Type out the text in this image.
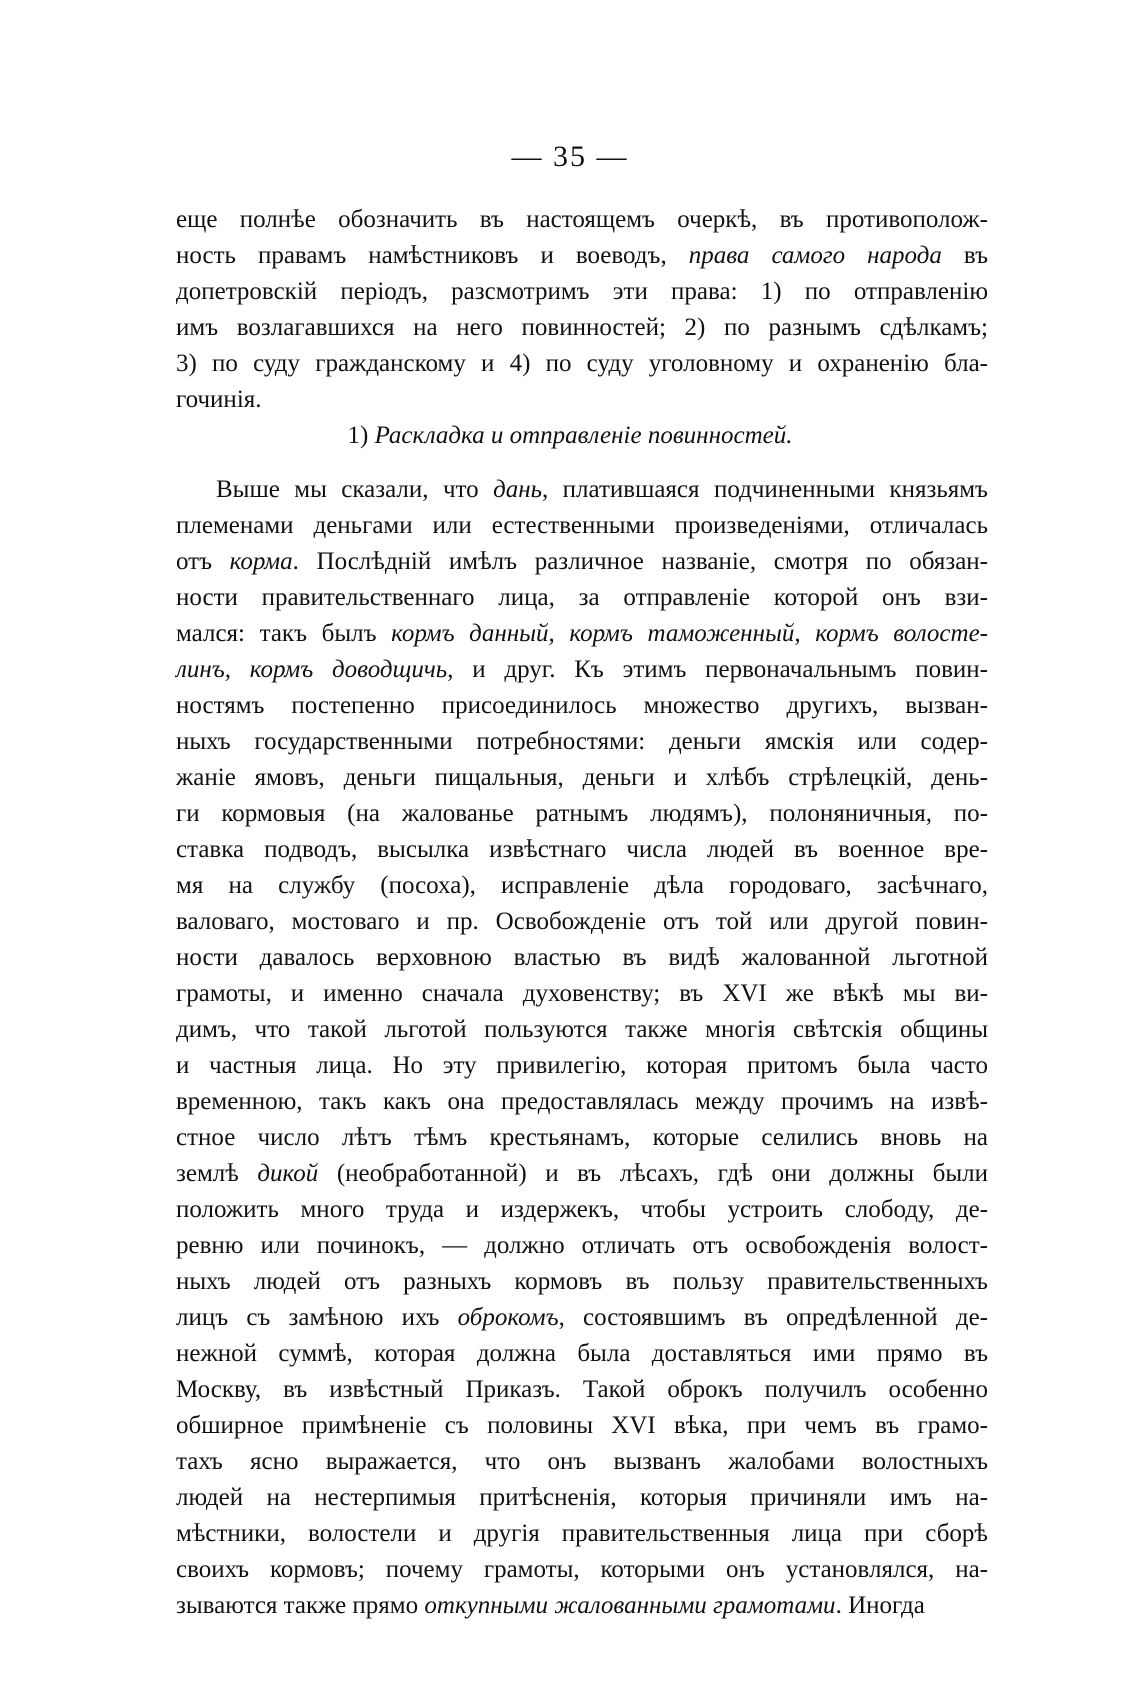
— 35 —
еще полнѣе обозначить въ настоящемъ очеркѣ, въ противополож-
ность правамъ намѣстниковъ и воеводъ, права самого народа въ
допетровскій періодъ, разсмотримъ эти права: 1) по отправленію
имъ возлагавшихся на него повинностей; 2) по разнымъ сдѣлкамъ;
3) по суду гражданскому и 4) по суду уголовному и охраненію бла-
гочинія.
1) Раскладка и отправленіе повинностей.
Выше мы сказали, что дань, платившаяся подчиненными князьямъ
племенами деньгами или естественными произведеніями, отличалась
отъ корма. Послѣдній имѣлъ различное названіе, смотря по обязан-
ности правительственнаго лица, за отправленіе которой онъ взи-
мался: такъ былъ кормъ данный, кормъ таможенный, кормъ волосте-
линъ, кормъ доводщичь, и друг. Къ этимъ первоначальнымъ повин-
ностямъ постепенно присоединилось множество другихъ, вызван-
ныхъ государственными потребностями: деньги ямскія или содер-
жаніе ямовъ, деньги пищальныя, деньги и хлѣбъ стрѣлецкій, день-
ги кормовыя (на жалованье ратнымъ людямъ), полоняничныя, по-
ставка подводъ, высылка извѣстнаго числа людей въ военное вре-
мя на службу (посоха), исправленіе дѣла городоваго, засѣчнаго,
валоваго, мостоваго и пр. Освобожденіе отъ той или другой повин-
ности давалось верховною властью въ видѣ жалованной льготной
грамоты, и именно сначала духовенству; въ XVI же вѣкѣ мы ви-
димъ, что такой льготой пользуются также многія свѣтскія общины
и частныя лица. Но эту привилегію, которая притомъ была часто
временною, такъ какъ она предоставлялась между прочимъ на извѣ-
стное число лѣтъ тѣмъ крестьянамъ, которые селились вновь на
землѣ дикой (необработанной) и въ лѣсахъ, гдѣ они должны были
положить много труда и издержекъ, чтобы устроить слободу, де-
ревню или починокъ, — должно отличать отъ освобожденія волост-
ныхъ людей отъ разныхъ кормовъ въ пользу правительственныхъ
лицъ съ замѣною ихъ оброкомъ, состоявшимъ въ опредѣленной де-
нежной суммѣ, которая должна была доставляться ими прямо въ
Москву, въ извѣстный Приказъ. Такой оброкъ получилъ особенно
обширное примѣненіе съ половины XVI вѣка, при чемъ въ грамо-
тахъ ясно выражается, что онъ вызванъ жалобами волостныхъ
людей на нестерпимыя притѣсненія, которыя причиняли имъ на-
мѣстники, волостели и другія правительственныя лица при сборѣ
своихъ кормовъ; почему грамоты, которыми онъ установлялся, на-
зываются также прямо откупными жалованными грамотами. Иногда
